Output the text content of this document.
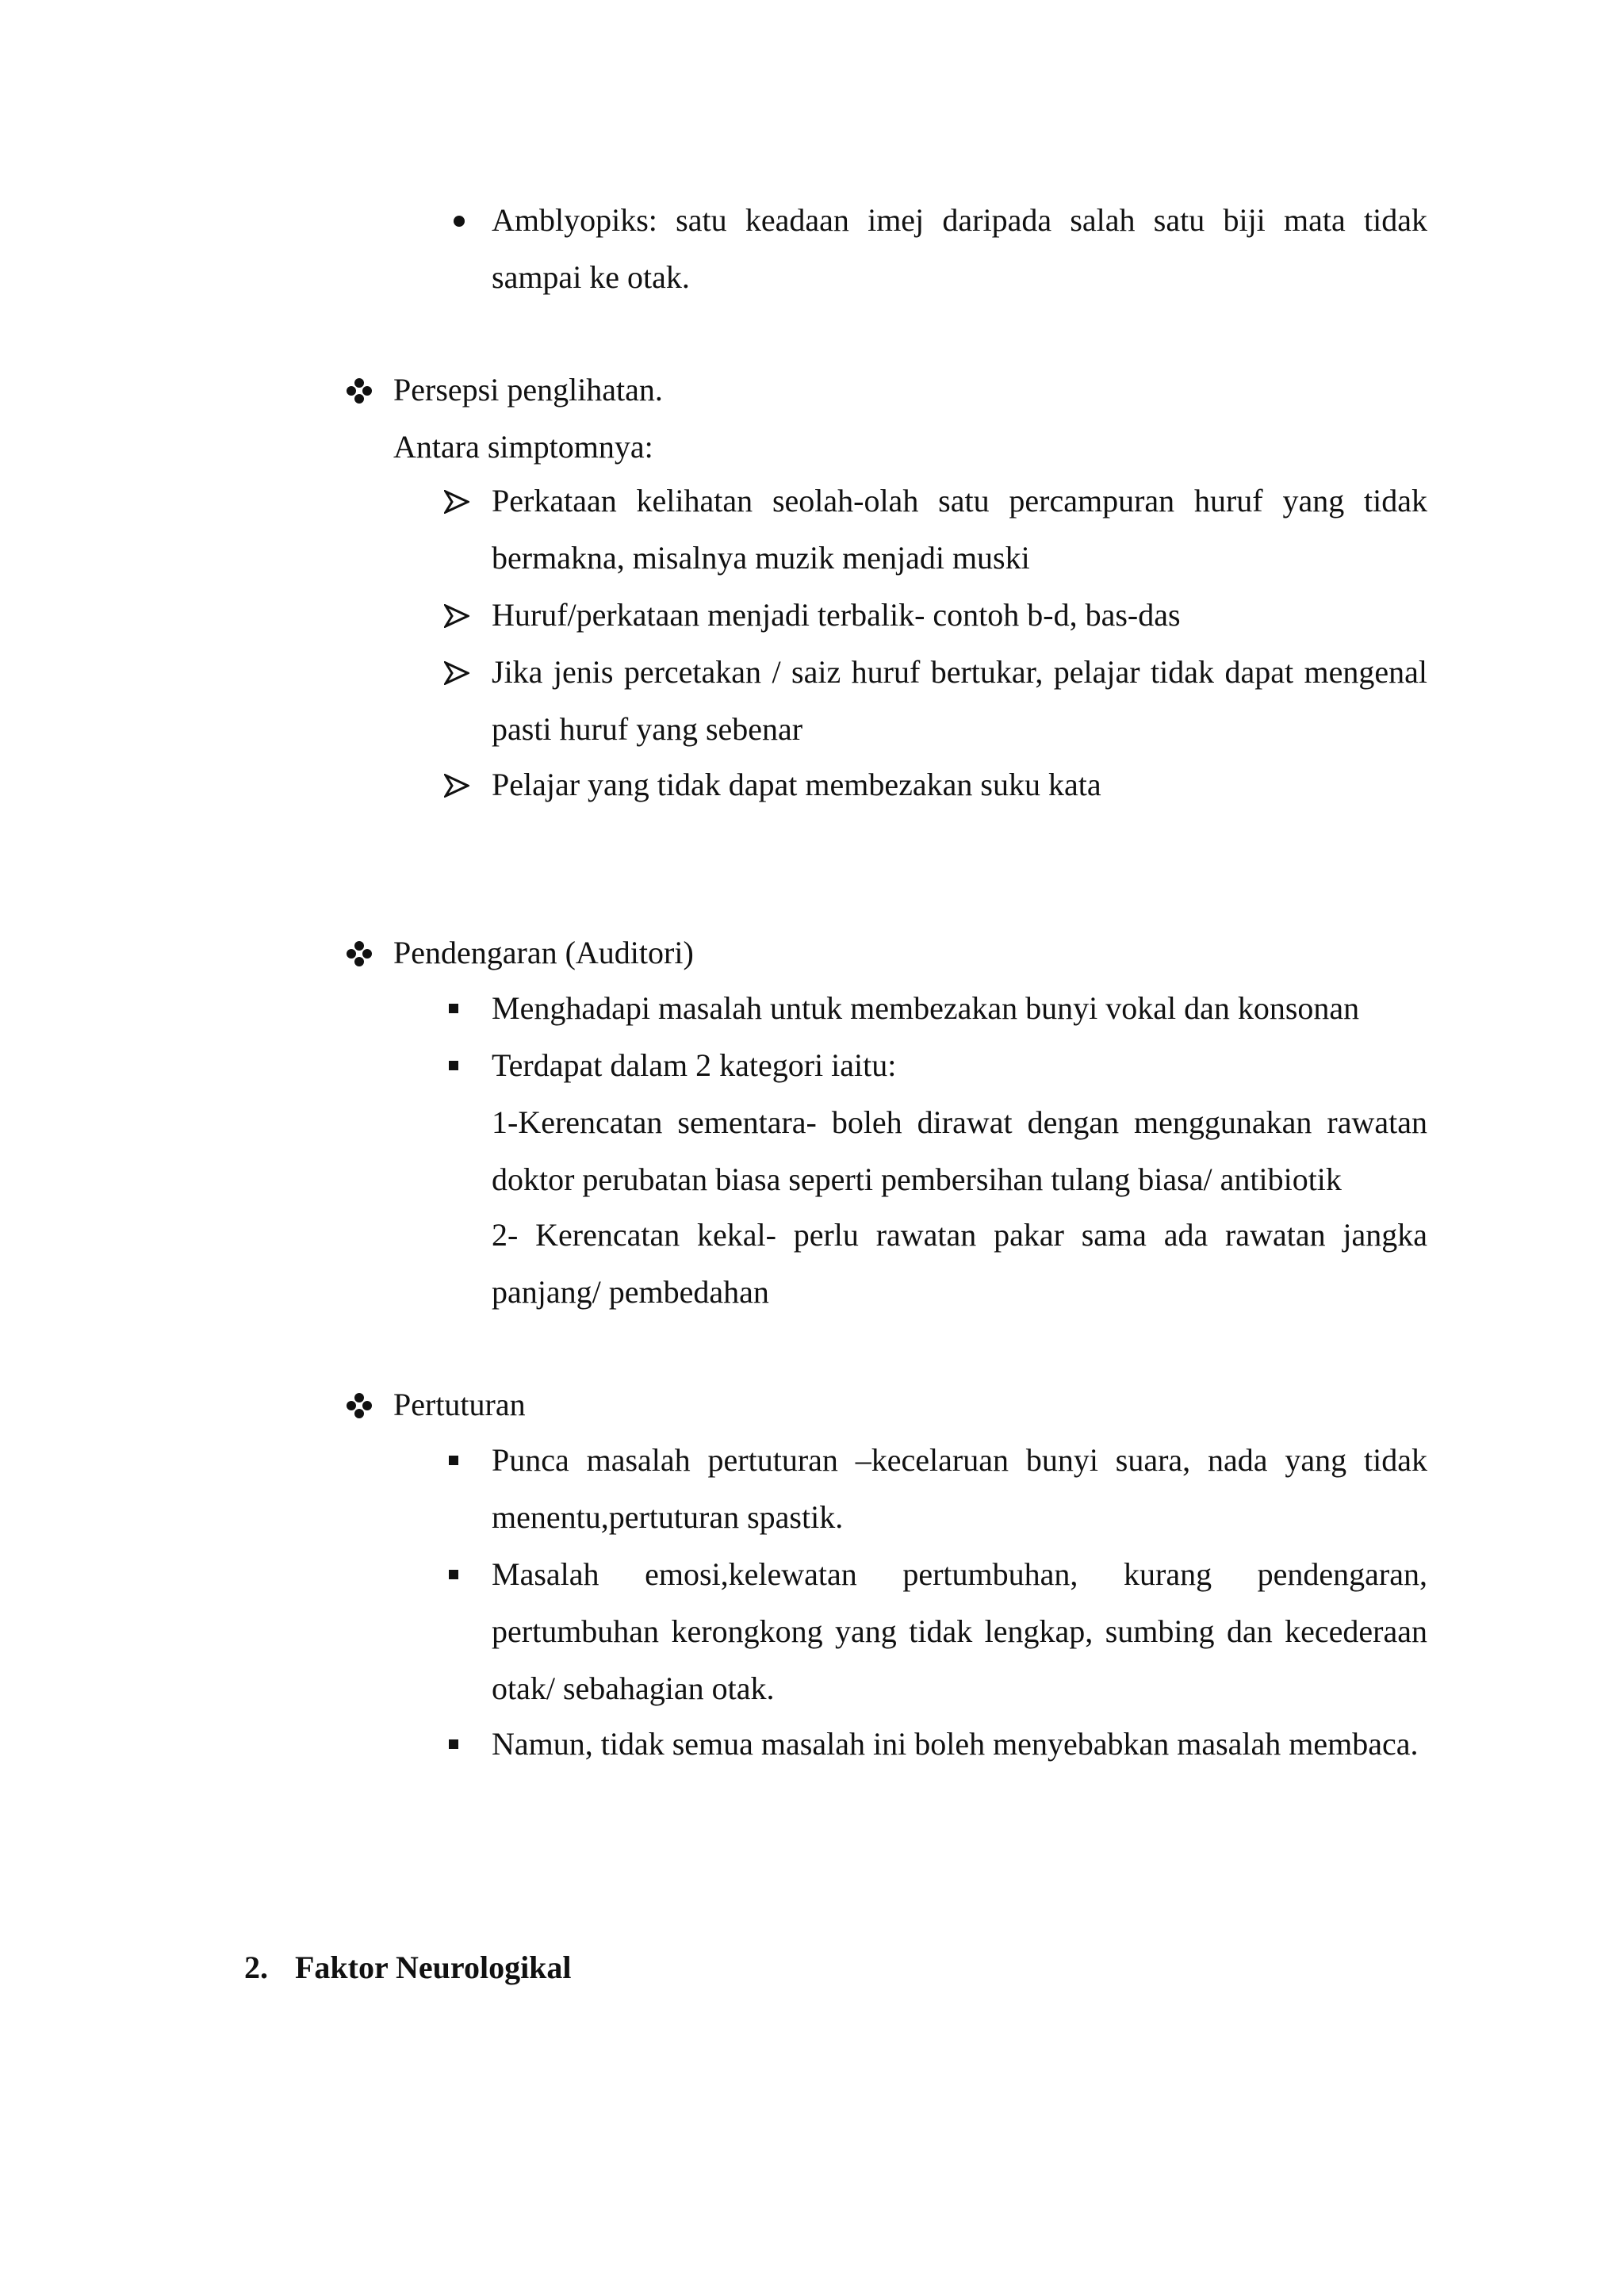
Amblyopiks: satu keadaan imej daripada salah satu biji mata tidak sampai ke otak.

Persepsi penglihatan.
Antara simptomnya:

Perkataan kelihatan seolah-olah satu percampuran huruf yang tidak bermakna, misalnya muzik menjadi muski

Huruf/perkataan menjadi terbalik- contoh b-d, bas-das

Jika jenis percetakan / saiz huruf bertukar, pelajar tidak dapat mengenal pasti huruf yang sebenar

Pelajar yang tidak dapat membezakan suku kata

Pendengaran (Auditori)

Menghadapi masalah untuk membezakan bunyi vokal dan konsonan

Terdapat dalam 2 kategori iaitu:

1-Kerencatan sementara- boleh dirawat dengan menggunakan rawatan doktor perubatan biasa seperti pembersihan tulang biasa/ antibiotik

2- Kerencatan kekal- perlu rawatan pakar sama ada rawatan jangka panjang/ pembedahan

Pertuturan

Punca masalah pertuturan –kecelaruan bunyi suara, nada yang tidak menentu,pertuturan spastik.

Masalah emosi,kelewatan pertumbuhan, kurang pendengaran, pertumbuhan kerongkong yang tidak lengkap, sumbing dan kecederaan otak/ sebahagian otak.

Namun, tidak semua masalah ini boleh menyebabkan masalah membaca.

2. Faktor Neurologikal
